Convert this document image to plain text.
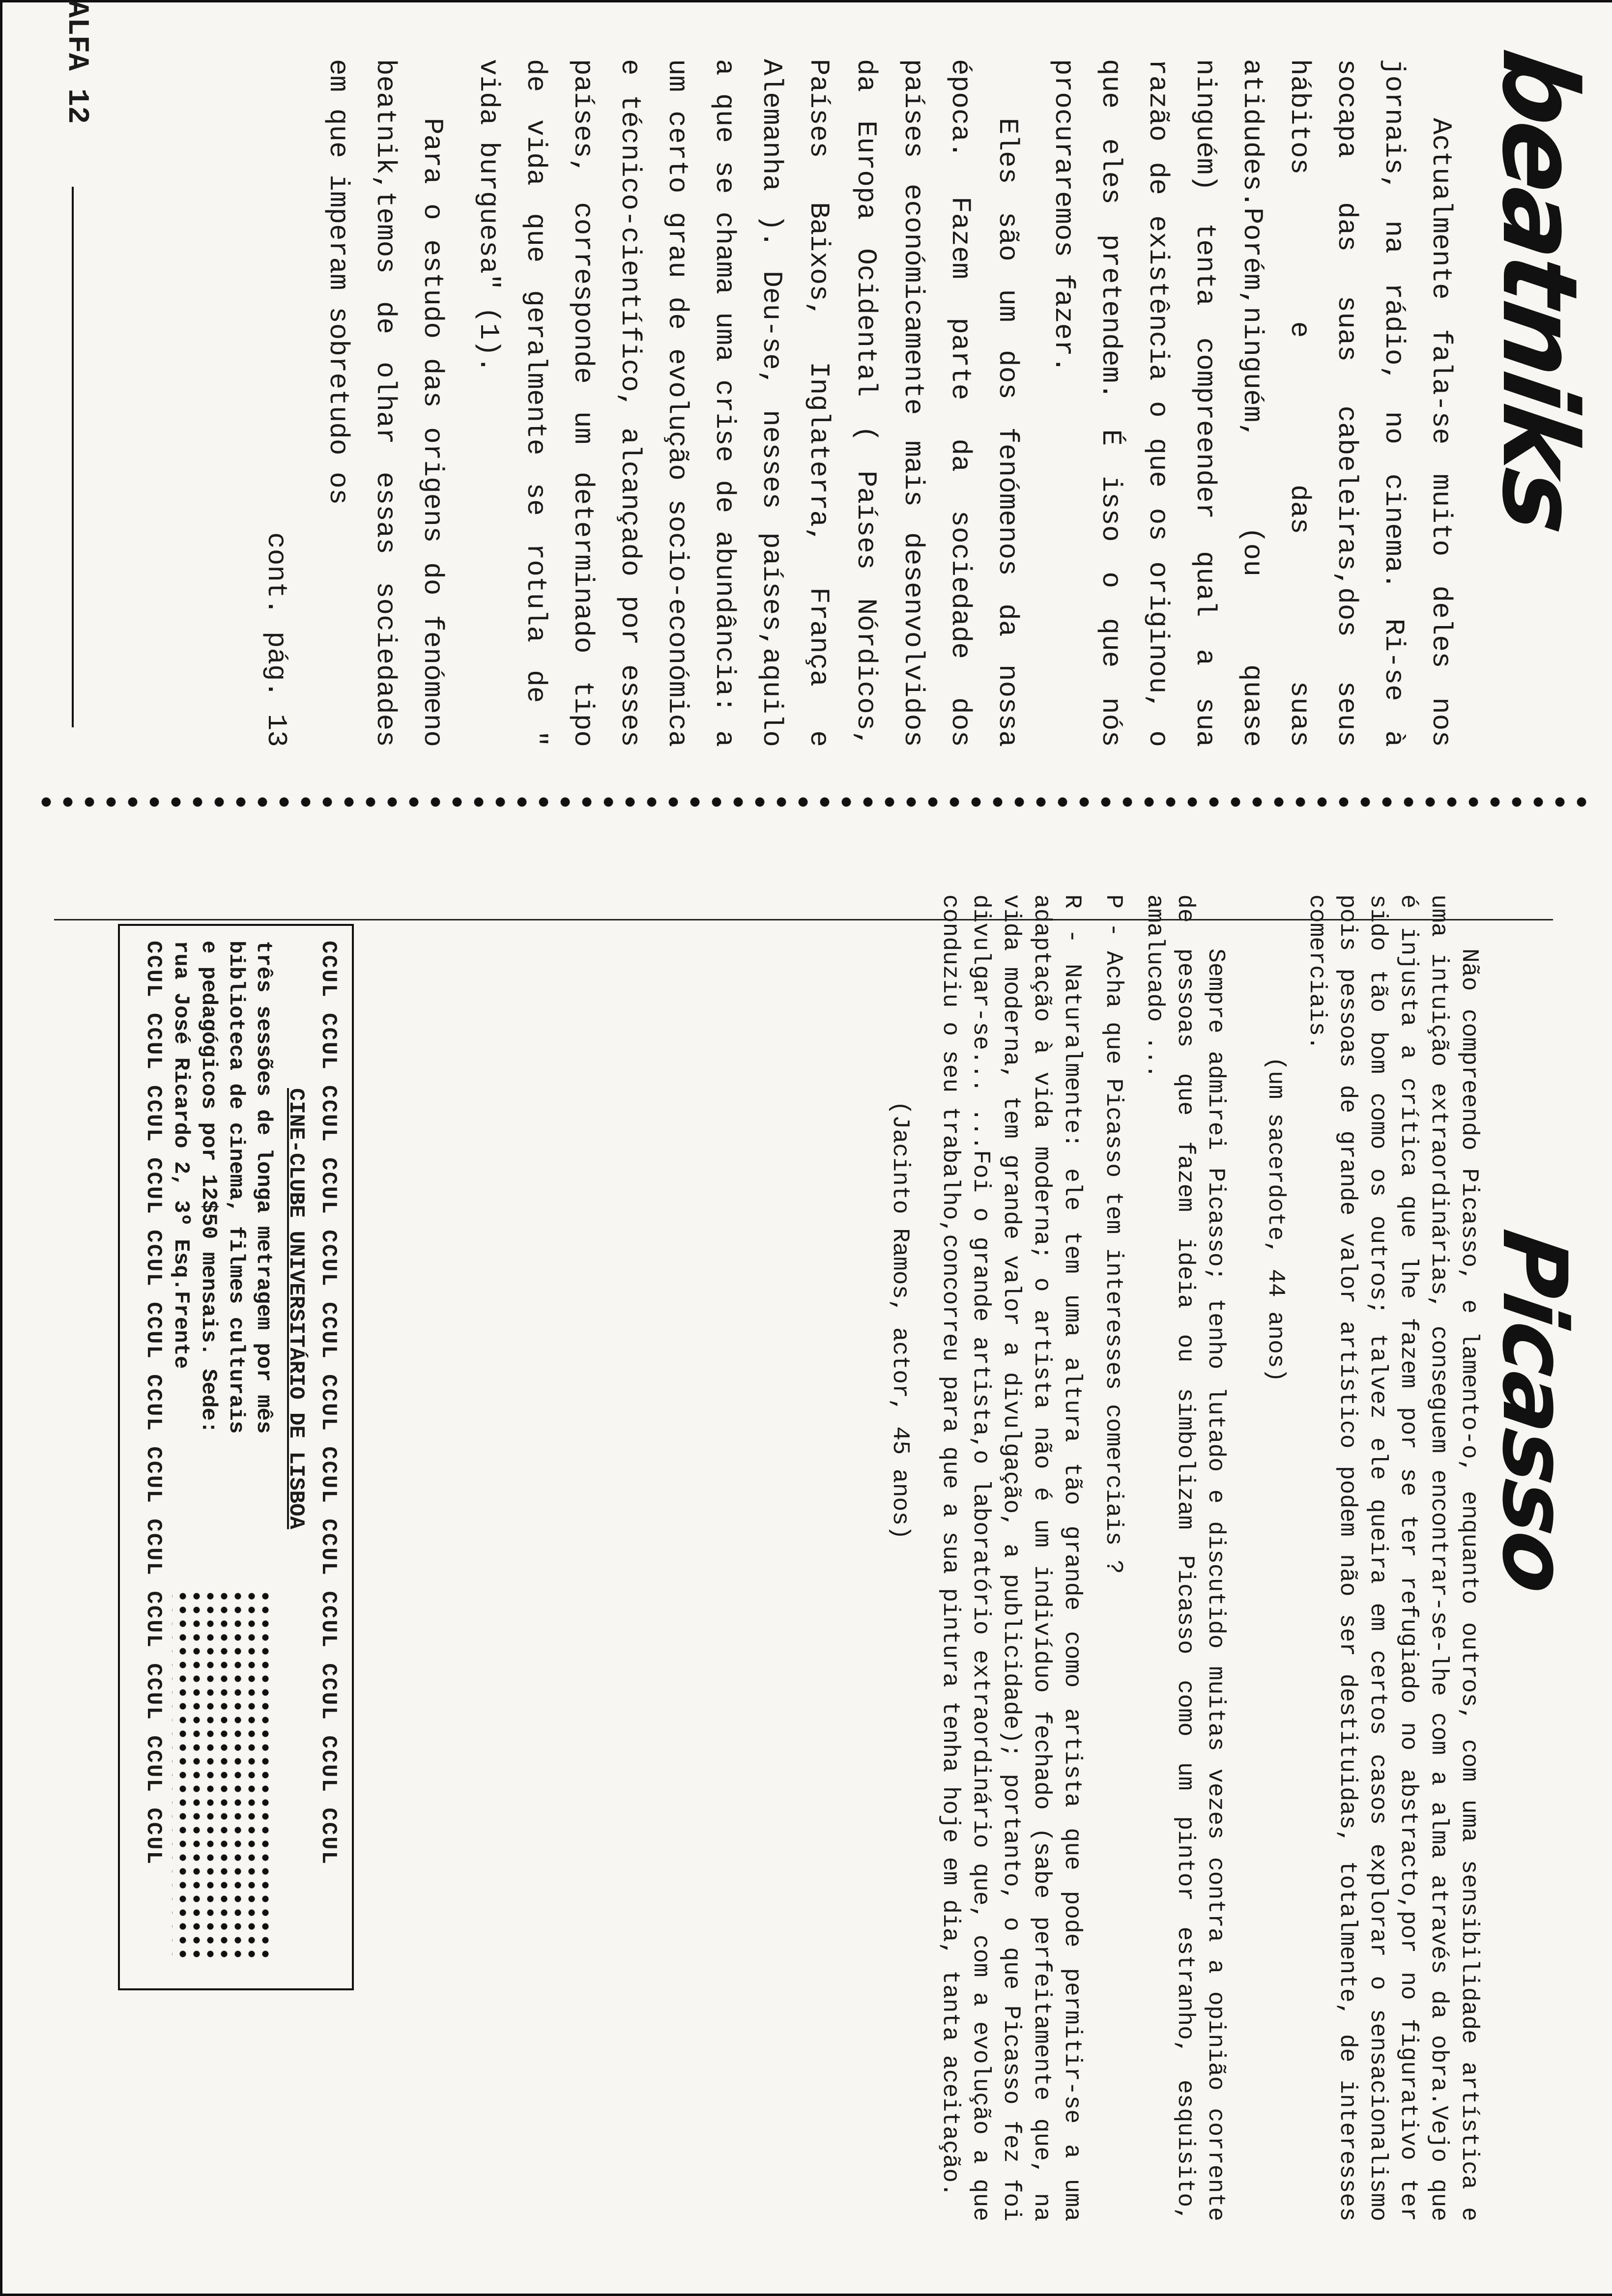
beatniks

Actualmente fala-se muito deles nos jornais, na rádio, no cinema. Ri-se à socapa das suas cabeleiras,dos seus hábitos e das suas atidudes.Porém,ninguém, (ou quase ninguém) tenta compreender qual a sua razão de existência o que os originou, o que eles pretendem. É isso o que nós procuraremos fazer.

Eles são um dos fenómenos da nossa época. Fazem parte da sociedade dos países económicamente mais desenvolvidos da Europa Ocidental ( Países Nórdicos, Países Baixos, Inglaterra, França e Alemanha ). Deu-se, nesses países,aquilo a que se chama uma crise de abundância: a um certo grau de evolução socio-económica e técnico-científico, alcançado por esses países, corresponde um determinado tipo de vida que geralmente se rotula de " vida burguesa" (1).

Para o estudo das origens do fenómeno beatnik,temos de olhar essas sociedades em que imperam sobretudo os

cont. pág. 13
ALFA 12
Picasso

Não compreendo Picasso, e lamento-o, enquanto outros, com uma sensibilidade artística e uma intuição extraordinárias, conseguem encontrar-se-lhe com a alma através da obra.Vejo que é injusta a crítica que lhe fazem por se ter refugiado no abstracto,por no figurativo ter sido tão bom como os outros; talvez ele queira em certos casos explorar o sensacionalismo pois pessoas de grande valor artístico podem não ser destituidas, totalmente, de interesses comerciais.

(um sacerdote, 44 anos)

Sempre admirei Picasso; tenho lutado e discutido muitas vezes contra a opinião corrente de pessoas que fazem ideia ou simbolizam Picasso como um pintor estranho, esquisito, amalucado ...

P - Acha que Picasso tem interesses comerciais ?

R - Naturalmente: ele tem uma altura tão grande como artista que pode permitir-se a uma adaptação à vida moderna; o artista não é um indivíduo fechado (sabe perfeitamente que, na vida moderna, tem grande valor a divulgação, a publicidade); portanto, o que Picasso fez foi divulgar-se... ...Foi o grande artista,o laboratório extraordinário que, com a evolução a que conduziu o seu trabalho,concorreu para que a sua pintura tenha hoje em dia, tanta aceitação.

(Jacinto Ramos, actor, 45 anos)

CCUL CCUL CCUL CCUL CCUL CCUL CCUL CCUL CCUL CCUL CCUL CCUL CCUL
CINE-CLUBE UNIVERSITÁRIO DE LISBOA
três sessões de longa metragem por mês
biblioteca de cinema, filmes culturais
e pedagógicos por 12$50 mensais. Sede:
rua José Ricardo 2, 3º Esq.Frente
CCUL CCUL CCUL CCUL CCUL CCUL CCUL CCUL CCUL CCUL CCUL CCUL CCUL
